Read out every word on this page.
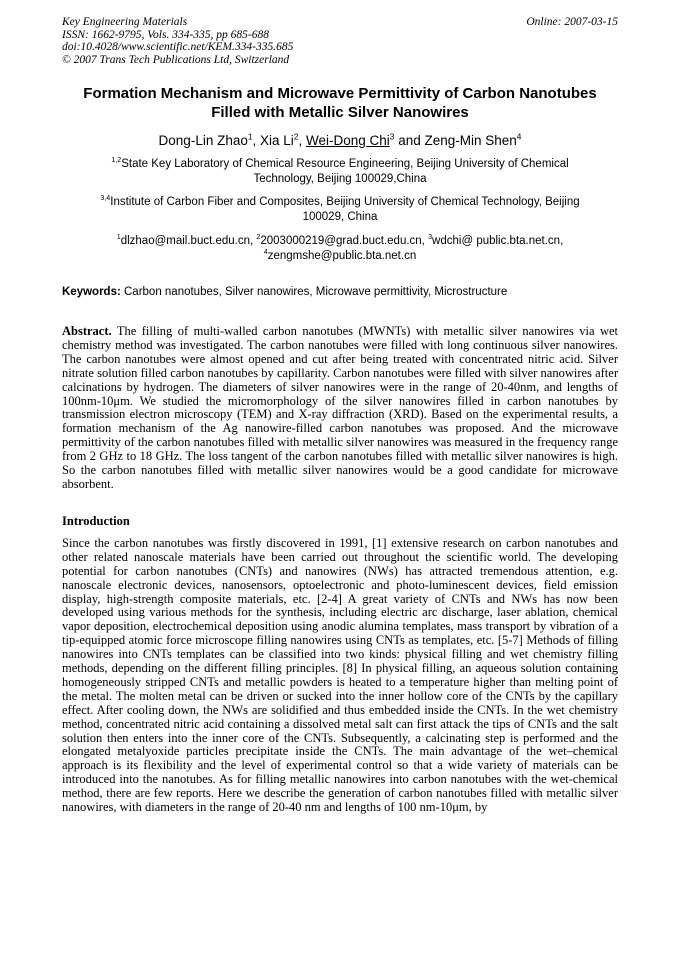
Key Engineering Materials
ISSN: 1662-9795, Vols. 334-335, pp 685-688
doi:10.4028/www.scientific.net/KEM.334-335.685
© 2007 Trans Tech Publications Ltd, Switzerland
Online: 2007-03-15
Formation Mechanism and Microwave Permittivity of Carbon Nanotubes Filled with Metallic Silver Nanowires
Dong-Lin Zhao$^1$, Xia Li$^2$, Wei-Dong Chi$^3$ and Zeng-Min Shen$^4$
$^{1,2}$State Key Laboratory of Chemical Resource Engineering, Beijing University of Chemical Technology, Beijing 100029,China
$^{3,4}$Institute of Carbon Fiber and Composites, Beijing University of Chemical Technology, Beijing 100029, China
$^1$dlzhao@mail.buct.edu.cn, $^2$2003000219@grad.buct.edu.cn, $^3$wdchi@ public.bta.net.cn,
$^4$zengmshe@public.bta.net.cn
Keywords: Carbon nanotubes, Silver nanowires, Microwave permittivity, Microstructure

Abstract. The filling of multi-walled carbon nanotubes (MWNTs) with metallic silver nanowires via wet chemistry method was investigated. The carbon nanotubes were filled with long continuous silver nanowires. The carbon nanotubes were almost opened and cut after being treated with concentrated nitric acid. Silver nitrate solution filled carbon nanotubes by capillarity. Carbon nanotubes were filled with silver nanowires after calcinations by hydrogen. The diameters of silver nanowires were in the range of 20-40nm, and lengths of 100nm-10μm. We studied the micromorphology of the silver nanowires filled in carbon nanotubes by transmission electron microscopy (TEM) and X-ray diffraction (XRD). Based on the experimental results, a formation mechanism of the Ag nanowire-filled carbon nanotubes was proposed. And the microwave permittivity of the carbon nanotubes filled with metallic silver nanowires was measured in the frequency range from 2 GHz to 18 GHz. The loss tangent of the carbon nanotubes filled with metallic silver nanowires is high. So the carbon nanotubes filled with metallic silver nanowires would be a good candidate for microwave absorbent.

Introduction

Since the carbon nanotubes was firstly discovered in 1991, [1] extensive research on carbon nanotubes and other related nanoscale materials have been carried out throughout the scientific world. The developing potential for carbon nanotubes (CNTs) and nanowires (NWs) has attracted tremendous attention, e.g. nanoscale electronic devices, nanosensors, optoelectronic and photo-luminescent devices, field emission display, high-strength composite materials, etc. [2-4] A great variety of CNTs and NWs has now been developed using various methods for the synthesis, including electric arc discharge, laser ablation, chemical vapor deposition, electrochemical deposition using anodic alumina templates, mass transport by vibration of a tip-equipped atomic force microscope filling nanowires using CNTs as templates, etc. [5-7] Methods of filling nanowires into CNTs templates can be classified into two kinds: physical filling and wet chemistry filling methods, depending on the different filling principles. [8] In physical filling, an aqueous solution containing homogeneously stripped CNTs and metallic powders is heated to a temperature higher than melting point of the metal. The molten metal can be driven or sucked into the inner hollow core of the CNTs by the capillary effect. After cooling down, the NWs are solidified and thus embedded inside the CNTs. In the wet chemistry method, concentrated nitric acid containing a dissolved metal salt can first attack the tips of CNTs and the salt solution then enters into the inner core of the CNTs. Subsequently, a calcinating step is performed and the elongated metalyoxide particles precipitate inside the CNTs. The main advantage of the wet–chemical approach is its flexibility and the level of experimental control so that a wide variety of materials can be introduced into the nanotubes. As for filling metallic nanowires into carbon nanotubes with the wet-chemical method, there are few reports. Here we describe the generation of carbon nanotubes filled with metallic silver nanowires, with diameters in the range of 20-40 nm and lengths of 100 nm-10μm, by
